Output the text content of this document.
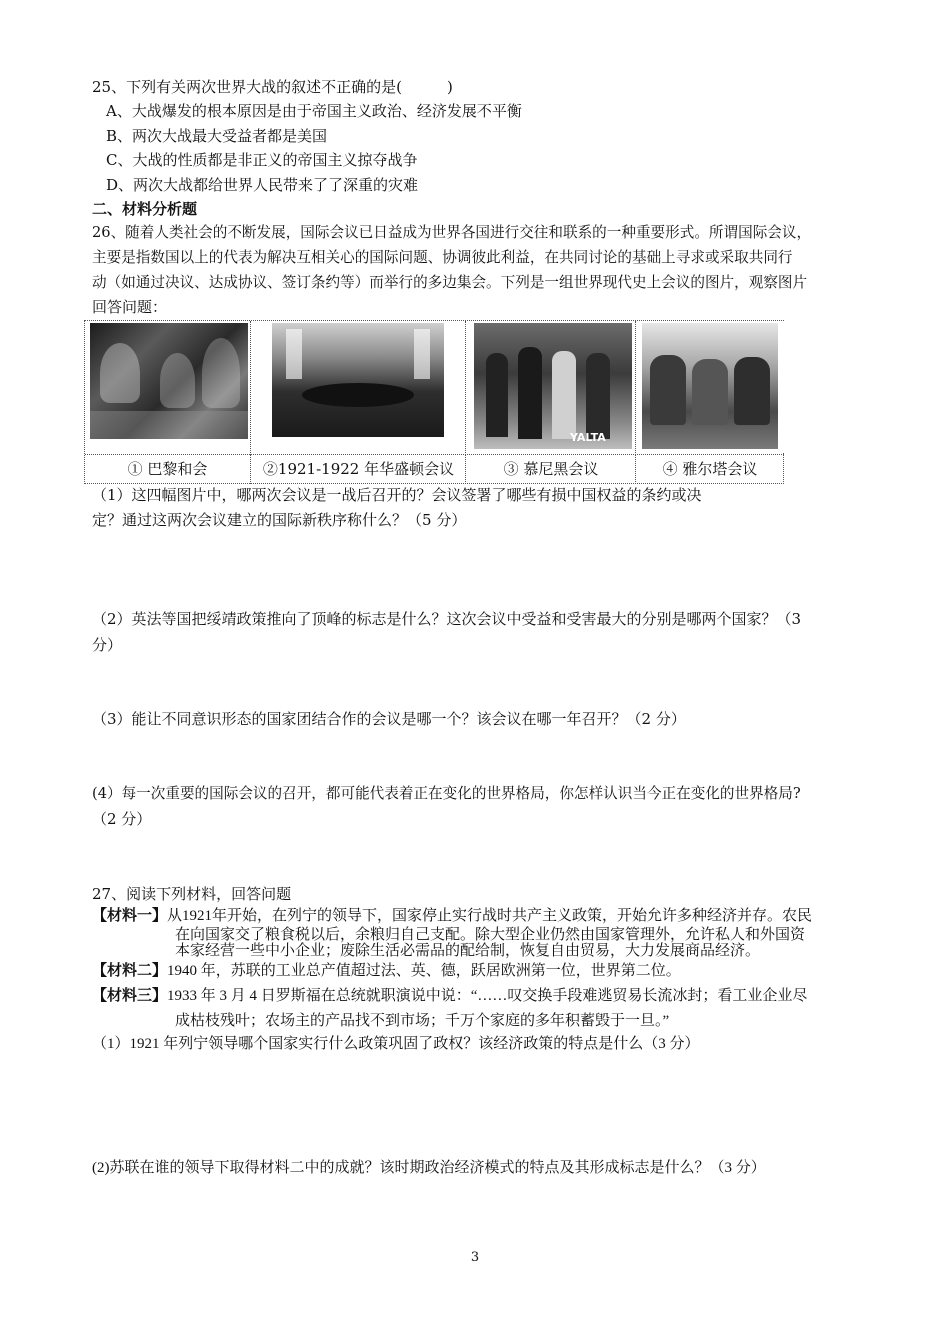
25、下列有关两次世界大战的叙述不正确的是(　　　)
A、大战爆发的根本原因是由于帝国主义政治、经济发展不平衡
B、两次大战最大受益者都是美国
C、大战的性质都是非正义的帝国主义掠夺战争
D、两次大战都给世界人民带来了了深重的灾难
二、材料分析题
26、随着人类社会的不断发展，国际会议已日益成为世界各国进行交往和联系的一种重要形式。所谓国际会议，
主要是指数国以上的代表为解决互相关心的国际问题、协调彼此利益，在共同讨论的基础上寻求或采取共同行
动（如通过决议、达成协议、签订条约等）而举行的多边集会。下列是一组世界现代史上会议的图片，观察图片
回答问题：
YALTA
① 巴黎和会	②1921-1922 年华盛顿会议	③ 慕尼黑会议	④ 雅尔塔会议
（1）这四幅图片中，哪两次会议是一战后召开的？会议签署了哪些有损中国权益的条约或决
定？通过这两次会议建立的国际新秩序称什么？（5 分）
（2）英法等国把绥靖政策推向了顶峰的标志是什么？这次会议中受益和受害最大的分别是哪两个国家？（3
分）
（3）能让不同意识形态的国家团结合作的会议是哪一个？该会议在哪一年召开？（2 分）
(4）每一次重要的国际会议的召开，都可能代表着正在变化的世界格局，你怎样认识当今正在变化的世界格局?
（2 分）
27、阅读下列材料，回答问题
【材料一】从1921年开始，在列宁的领导下，国家停止实行战时共产主义政策，开始允许多种经济并存。农民
在向国家交了粮食税以后，余粮归自己支配。除大型企业仍然由国家管理外，允许私人和外国资
本家经营一些中小企业；废除生活必需品的配给制，恢复自由贸易，大力发展商品经济。
【材料二】1940 年，苏联的工业总产值超过法、英、德，跃居欧洲第一位，世界第二位。
【材料三】1933 年 3 月 4 日罗斯福在总统就职演说中说：“……叹交换手段难逃贸易长流冰封；看工业企业尽
成枯枝残叶；农场主的产品找不到市场；千万个家庭的多年积蓄毁于一旦。”
（1）1921 年列宁领导哪个国家实行什么政策巩固了政权？该经济政策的特点是什么（3 分）
(2)苏联在谁的领导下取得材料二中的成就？该时期政治经济模式的特点及其形成标志是什么？（3 分）
3
